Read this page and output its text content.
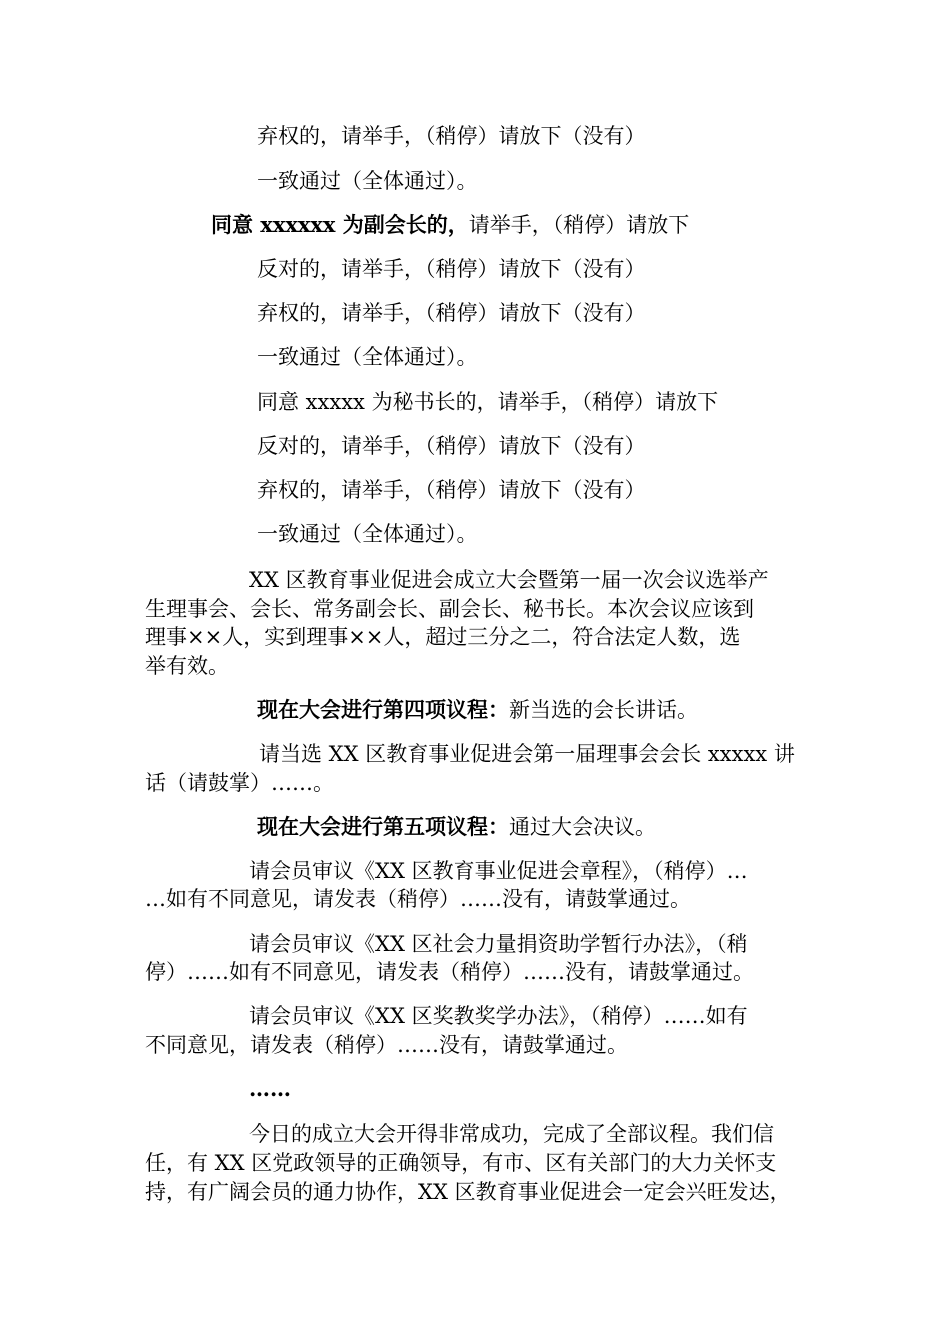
弃权的，请举手，（稍停）请放下（没有）

一致通过（全体通过）。

同意 xxxxxx 为副会长的，请举手，（稍停）请放下

反对的，请举手，（稍停）请放下（没有）

弃权的，请举手，（稍停）请放下（没有）

一致通过（全体通过）。

同意 xxxxx 为秘书长的，请举手，（稍停）请放下

反对的，请举手，（稍停）请放下（没有）

弃权的，请举手，（稍停）请放下（没有）

一致通过（全体通过）。

XX 区教育事业促进会成立大会暨第一届一次会议选举产

生理事会、会长、常务副会长、副会长、秘书长。本次会议应该到

理事××人，实到理事××人，超过三分之二，符合法定人数，选

举有效。

现在大会进行第四项议程：新当选的会长讲话。

请当选 XX 区教育事业促进会第一届理事会会长 xxxxx 讲

话（请鼓掌）……。

现在大会进行第五项议程：通过大会决议。

请会员审议《XX 区教育事业促进会章程》，（稍停）…

…如有不同意见，请发表（稍停）……没有，请鼓掌通过。

请会员审议《XX 区社会力量捐资助学暂行办法》，（稍

停）……如有不同意见，请发表（稍停）……没有，请鼓掌通过。

请会员审议《XX 区奖教奖学办法》，（稍停）……如有

不同意见，请发表（稍停）……没有，请鼓掌通过。

……

今日的成立大会开得非常成功，完成了全部议程。我们信

任，有 XX 区党政领导的正确领导，有市、区有关部门的大力关怀支

持，有广阔会员的通力协作，XX 区教育事业促进会一定会兴旺发达，
